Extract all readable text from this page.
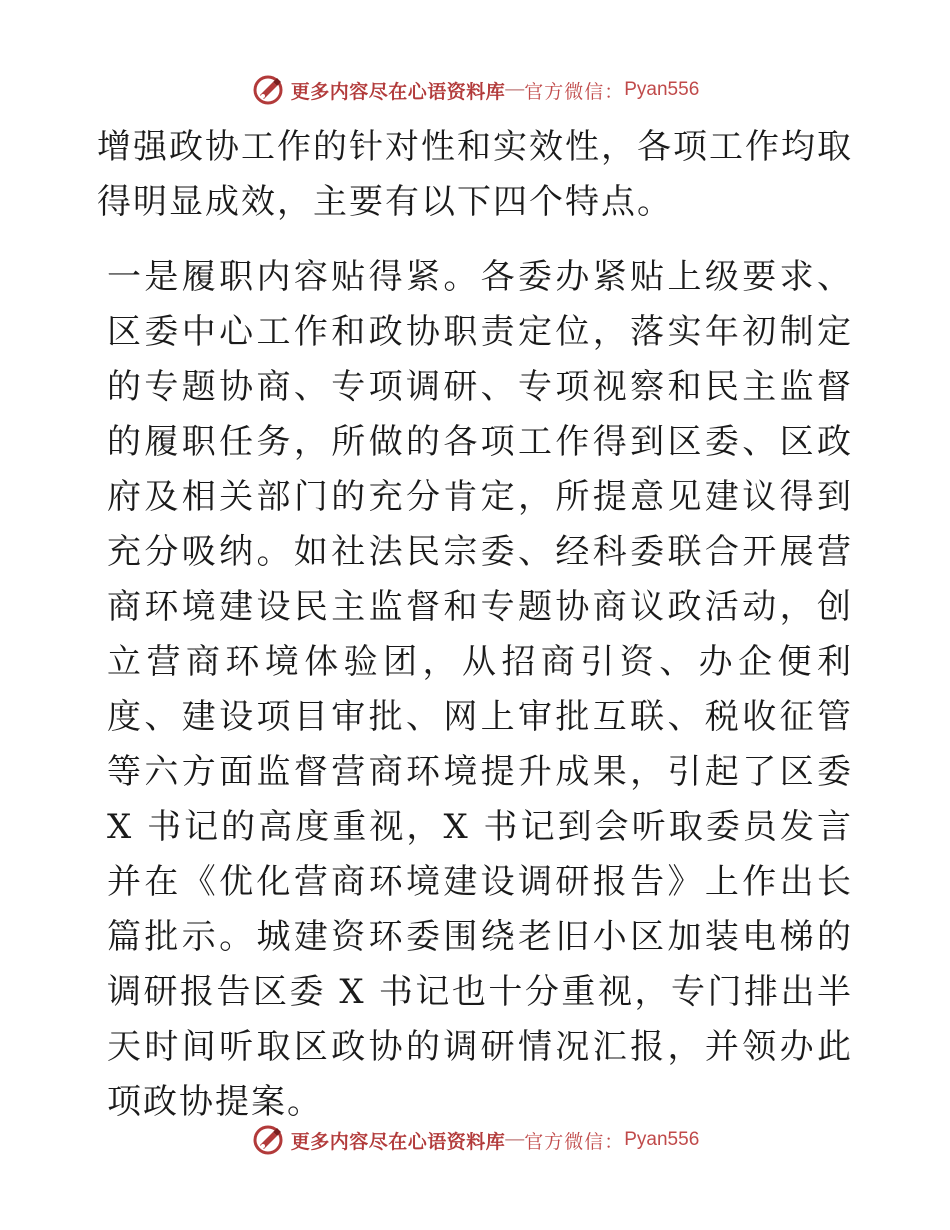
更多内容尽在心语资料库 — 官方微信： Pyan556

增强政协工作的针对性和实效性，各项工作均取得明显成效，主要有以下四个特点。

一是履职内容贴得紧。各委办紧贴上级要求、区委中心工作和政协职责定位，落实年初制定的专题协商、专项调研、专项视察和民主监督的履职任务，所做的各项工作得到区委、区政府及相关部门的充分肯定，所提意见建议得到充分吸纳。如社法民宗委、经科委联合开展营商环境建设民主监督和专题协商议政活动，创立营商环境体验团，从招商引资、办企便利度、建设项目审批、网上审批互联、税收征管等六方面监督营商环境提升成果，引起了区委 X 书记的高度重视，X 书记到会听取委员发言并在《优化营商环境建设调研报告》上作出长篇批示。城建资环委围绕老旧小区加装电梯的调研报告区委 X 书记也十分重视，专门排出半天时间听取区政协的调研情况汇报，并领办此项政协提案。

更多内容尽在心语资料库 — 官方微信： Pyan556
